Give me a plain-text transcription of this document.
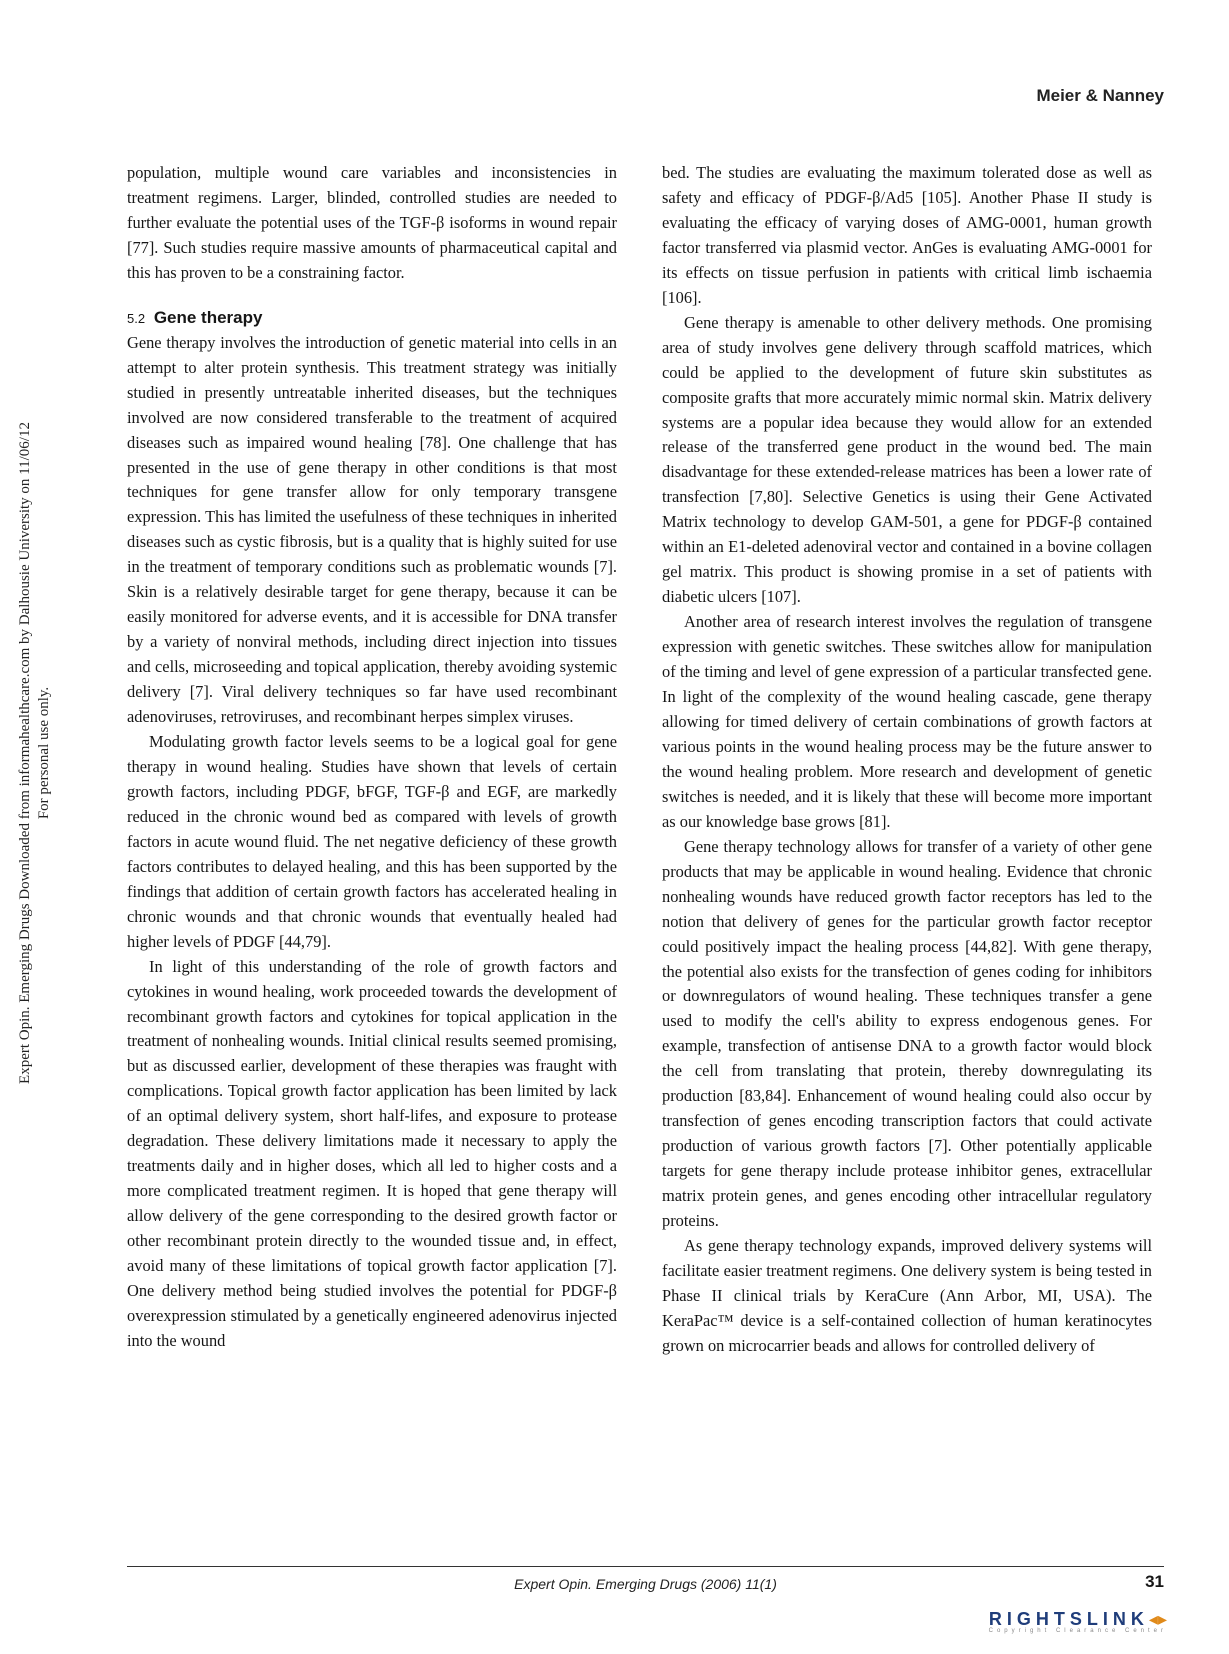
Meier & Nanney
Expert Opin. Emerging Drugs Downloaded from informahealthcare.com by Dalhousie University on 11/06/12 For personal use only.

population, multiple wound care variables and inconsistencies in treatment regimens. Larger, blinded, controlled studies are needed to further evaluate the potential uses of the TGF-β isoforms in wound repair [77]. Such studies require massive amounts of pharmaceutical capital and this has proven to be a constraining factor.

5.2 Gene therapy

Gene therapy involves the introduction of genetic material into cells in an attempt to alter protein synthesis. This treatment strategy was initially studied in presently untreatable inherited diseases, but the techniques involved are now considered transferable to the treatment of acquired diseases such as impaired wound healing [78]. One challenge that has presented in the use of gene therapy in other conditions is that most techniques for gene transfer allow for only temporary transgene expression. This has limited the usefulness of these techniques in inherited diseases such as cystic fibrosis, but is a quality that is highly suited for use in the treatment of temporary conditions such as problematic wounds [7]. Skin is a relatively desirable target for gene therapy, because it can be easily monitored for adverse events, and it is accessible for DNA transfer by a variety of nonviral methods, including direct injection into tissues and cells, microseeding and topical application, thereby avoiding systemic delivery [7]. Viral delivery techniques so far have used recombinant adenoviruses, retroviruses, and recombinant herpes simplex viruses.

Modulating growth factor levels seems to be a logical goal for gene therapy in wound healing. Studies have shown that levels of certain growth factors, including PDGF, bFGF, TGF-β and EGF, are markedly reduced in the chronic wound bed as compared with levels of growth factors in acute wound fluid. The net negative deficiency of these growth factors contributes to delayed healing, and this has been supported by the findings that addition of certain growth factors has accelerated healing in chronic wounds and that chronic wounds that eventually healed had higher levels of PDGF [44,79].

In light of this understanding of the role of growth factors and cytokines in wound healing, work proceeded towards the development of recombinant growth factors and cytokines for topical application in the treatment of nonhealing wounds. Initial clinical results seemed promising, but as discussed earlier, development of these therapies was fraught with complications. Topical growth factor application has been limited by lack of an optimal delivery system, short half-lifes, and exposure to protease degradation. These delivery limitations made it necessary to apply the treatments daily and in higher doses, which all led to higher costs and a more complicated treatment regimen. It is hoped that gene therapy will allow delivery of the gene corresponding to the desired growth factor or other recombinant protein directly to the wounded tissue and, in effect, avoid many of these limitations of topical growth factor application [7]. One delivery method being studied involves the potential for PDGF-β overexpression stimulated by a genetically engineered adenovirus injected into the wound

bed. The studies are evaluating the maximum tolerated dose as well as safety and efficacy of PDGF-β/Ad5 [105]. Another Phase II study is evaluating the efficacy of varying doses of AMG-0001, human growth factor transferred via plasmid vector. AnGes is evaluating AMG-0001 for its effects on tissue perfusion in patients with critical limb ischaemia [106].

Gene therapy is amenable to other delivery methods. One promising area of study involves gene delivery through scaffold matrices, which could be applied to the development of future skin substitutes as composite grafts that more accurately mimic normal skin. Matrix delivery systems are a popular idea because they would allow for an extended release of the transferred gene product in the wound bed. The main disadvantage for these extended-release matrices has been a lower rate of transfection [7,80]. Selective Genetics is using their Gene Activated Matrix technology to develop GAM-501, a gene for PDGF-β contained within an E1-deleted adenoviral vector and contained in a bovine collagen gel matrix. This product is showing promise in a set of patients with diabetic ulcers [107].

Another area of research interest involves the regulation of transgene expression with genetic switches. These switches allow for manipulation of the timing and level of gene expression of a particular transfected gene. In light of the complexity of the wound healing cascade, gene therapy allowing for timed delivery of certain combinations of growth factors at various points in the wound healing process may be the future answer to the wound healing problem. More research and development of genetic switches is needed, and it is likely that these will become more important as our knowledge base grows [81].

Gene therapy technology allows for transfer of a variety of other gene products that may be applicable in wound healing. Evidence that chronic nonhealing wounds have reduced growth factor receptors has led to the notion that delivery of genes for the particular growth factor receptor could positively impact the healing process [44,82]. With gene therapy, the potential also exists for the transfection of genes coding for inhibitors or downregulators of wound healing. These techniques transfer a gene used to modify the cell's ability to express endogenous genes. For example, transfection of antisense DNA to a growth factor would block the cell from translating that protein, thereby downregulating its production [83,84]. Enhancement of wound healing could also occur by transfection of genes encoding transcription factors that could activate production of various growth factors [7]. Other potentially applicable targets for gene therapy include protease inhibitor genes, extracellular matrix protein genes, and genes encoding other intracellular regulatory proteins.

As gene therapy technology expands, improved delivery systems will facilitate easier treatment regimens. One delivery system is being tested in Phase II clinical trials by KeraCure (Ann Arbor, MI, USA). The KeraPac™ device is a self-contained collection of human keratinocytes grown on microcarrier beads and allows for controlled delivery of

Expert Opin. Emerging Drugs (2006) 11(1)	31
RIGHTSLINK◂▸
Copyright Clearance Center
